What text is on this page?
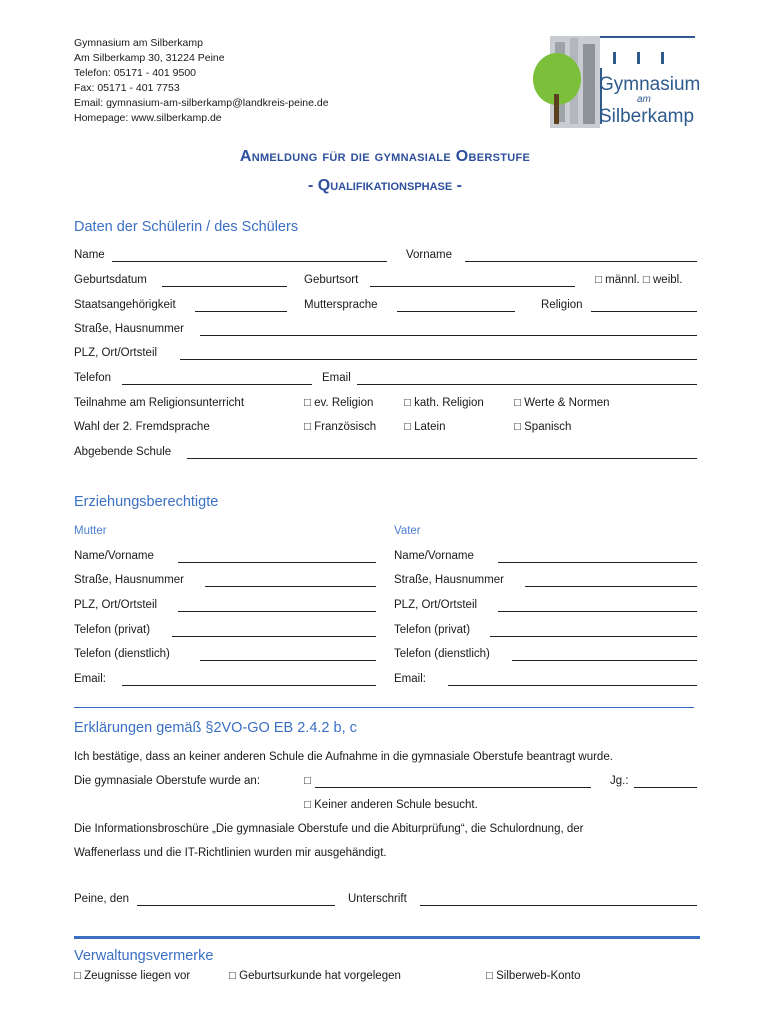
Gymnasium am Silberkamp
Am Silberkamp 30, 31224 Peine
Telefon: 05171 - 401 9500
Fax: 05171 - 401 7753
Email: gymnasium-am-silberkamp@landkreis-peine.de
Homepage: www.silberkamp.de
Gymnasium
am
Silberkamp
Anmeldung für die gymnasiale Oberstufe
- Qualifikationsphase -
Daten der Schülerin / des Schülers
Name	Vorname
Geburtsdatum	Geburtsort	□ männl. □ weibl.
Staatsangehörigkeit	Muttersprache	Religion
Straße, Hausnummer
PLZ, Ort/Ortsteil
Telefon	Email
Teilnahme am Religionsunterricht	□ ev. Religion	□ kath. Religion	□ Werte & Normen
Wahl der 2. Fremdsprache	□ Französisch □ Latein	□ Spanisch
Abgebende Schule
Erziehungsberechtigte
Mutter	Vater
Name/Vorname	Name/Vorname
Straße, Hausnummer	Straße, Hausnummer
PLZ, Ort/Ortsteil	PLZ, Ort/Ortsteil
Telefon (privat)	Telefon (privat)
Telefon (dienstlich)	Telefon (dienstlich)
Email:	Email:
Erklärungen gemäß §2VO-GO EB 2.4.2 b, c
Ich bestätige, dass an keiner anderen Schule die Aufnahme in die gymnasiale Oberstufe beantragt wurde.
Die gymnasiale Oberstufe wurde an:	□	Jg.:
□ Keiner anderen Schule besucht.
Die Informationsbroschüre „Die gymnasiale Oberstufe und die Abiturprüfung“, die Schulordnung, der
Waffenerlass und die IT-Richtlinien wurden mir ausgehändigt.
Peine, den	Unterschrift
Verwaltungsvermerke
□ Zeugnisse liegen vor	□ Geburtsurkunde hat vorgelegen	□ Silberweb-Konto
